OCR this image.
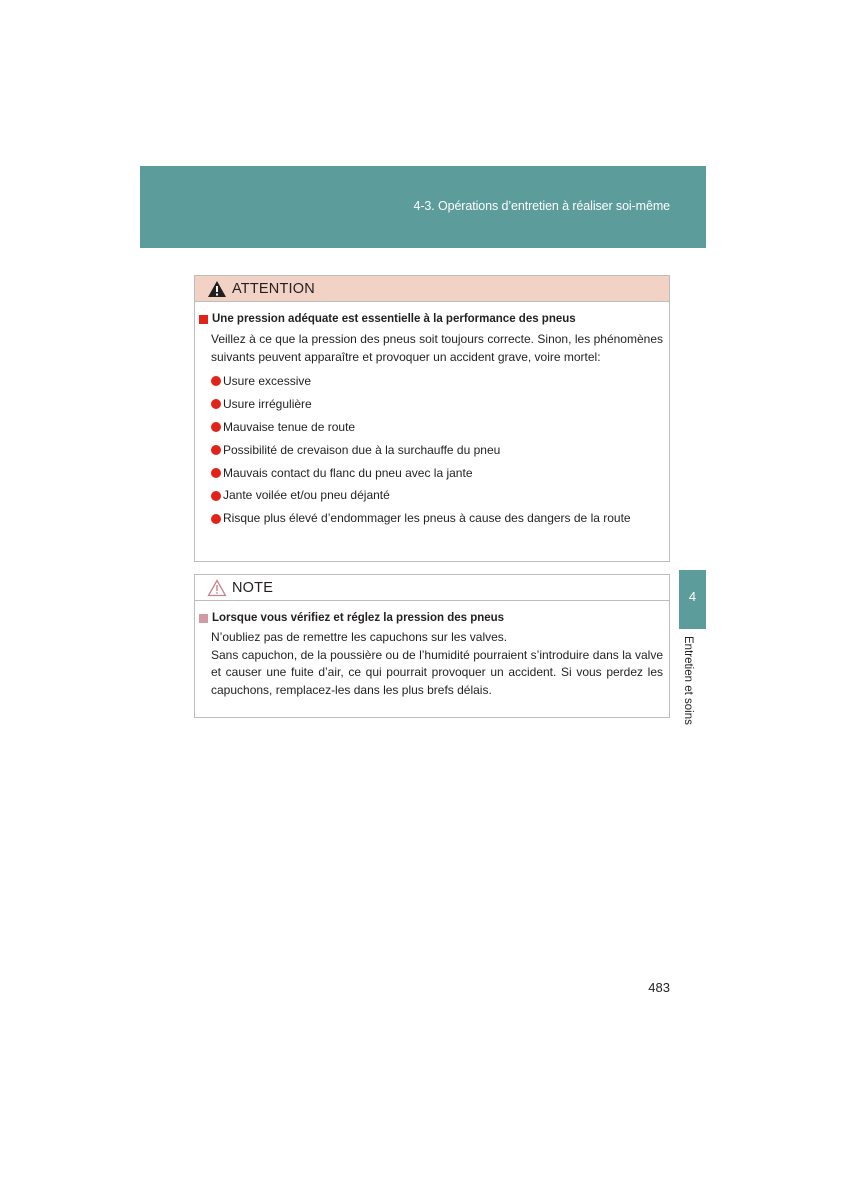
4-3. Opérations d’entretien à réaliser soi-même
4
Entretien et soins
ATTENTION
Une pression adéquate est essentielle à la performance des pneus
Veillez à ce que la pression des pneus soit toujours correcte. Sinon, les phénomènes suivants peuvent apparaître et provoquer un accident grave, voire mortel:
Usure excessive
Usure irrégulière
Mauvaise tenue de route
Possibilité de crevaison due à la surchauffe du pneu
Mauvais contact du flanc du pneu avec la jante
Jante voilée et/ou pneu déjanté
Risque plus élevé d’endommager les pneus à cause des dangers de la route
NOTE
Lorsque vous vérifiez et réglez la pression des pneus
N’oubliez pas de remettre les capuchons sur les valves.
Sans capuchon, de la poussière ou de l’humidité pourraient s’introduire dans la valve et causer une fuite d’air, ce qui pourrait provoquer un accident. Si vous perdez les capuchons, remplacez-les dans les plus brefs délais.
483
